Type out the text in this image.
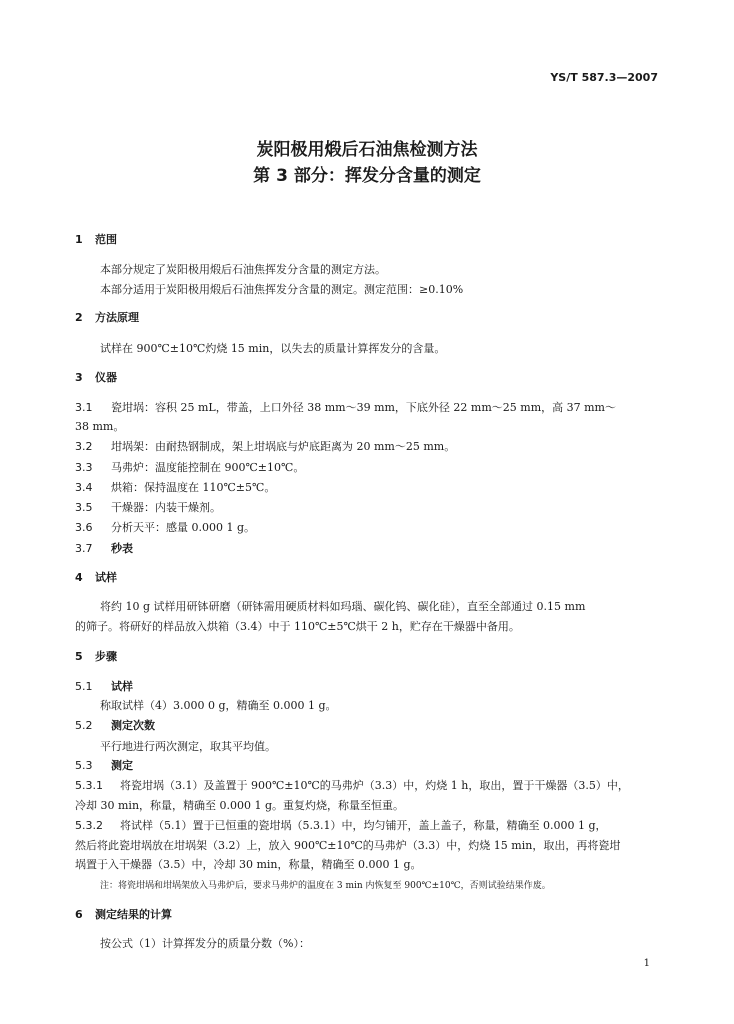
YS/T 587.3—2007
炭阳极用煅后石油焦检测方法
第 3 部分：挥发分含量的测定
1 范围
本部分规定了炭阳极用煅后石油焦挥发分含量的测定方法。
本部分适用于炭阳极用煅后石油焦挥发分含量的测定。测定范围：≥0.10%
2 方法原理
试样在 900℃±10℃灼烧 15 min，以失去的质量计算挥发分的含量。
3 仪器
3.1 瓷坩埚：容积 25 mL，带盖，上口外径 38 mm～39 mm，下底外径 22 mm～25 mm，高 37 mm～
38 mm。
3.2 坩埚架：由耐热钢制成，架上坩埚底与炉底距离为 20 mm～25 mm。
3.3 马弗炉：温度能控制在 900℃±10℃。
3.4 烘箱：保持温度在 110℃±5℃。
3.5 干燥器：内装干燥剂。
3.6 分析天平：感量 0.000 1 g。
3.7 秒表
4 试样
将约 10 g 试样用研钵研磨（研钵需用硬质材料如玛瑙、碳化钨、碳化硅），直至全部通过 0.15 mm
的筛子。将研好的样品放入烘箱（3.4）中于 110℃±5℃烘干 2 h，贮存在干燥器中备用。
5 步骤
5.1 试样
称取试样（4）3.000 0 g，精确至 0.000 1 g。
5.2 测定次数
平行地进行两次测定，取其平均值。
5.3 测定
5.3.1 将瓷坩埚（3.1）及盖置于 900℃±10℃的马弗炉（3.3）中，灼烧 1 h，取出，置于干燥器（3.5）中，
冷却 30 min，称量，精确至 0.000 1 g。重复灼烧，称量至恒重。
5.3.2 将试样（5.1）置于已恒重的瓷坩埚（5.3.1）中，均匀铺开，盖上盖子，称量，精确至 0.000 1 g，
然后将此瓷坩埚放在坩埚架（3.2）上，放入 900℃±10℃的马弗炉（3.3）中，灼烧 15 min，取出，再将瓷坩
埚置于入干燥器（3.5）中，冷却 30 min，称量，精确至 0.000 1 g。
注：将瓷坩埚和坩埚架放入马弗炉后，要求马弗炉的温度在 3 min 内恢复至 900℃±10℃，否则试验结果作废。
6 测定结果的计算
按公式（1）计算挥发分的质量分数（%）：
1
